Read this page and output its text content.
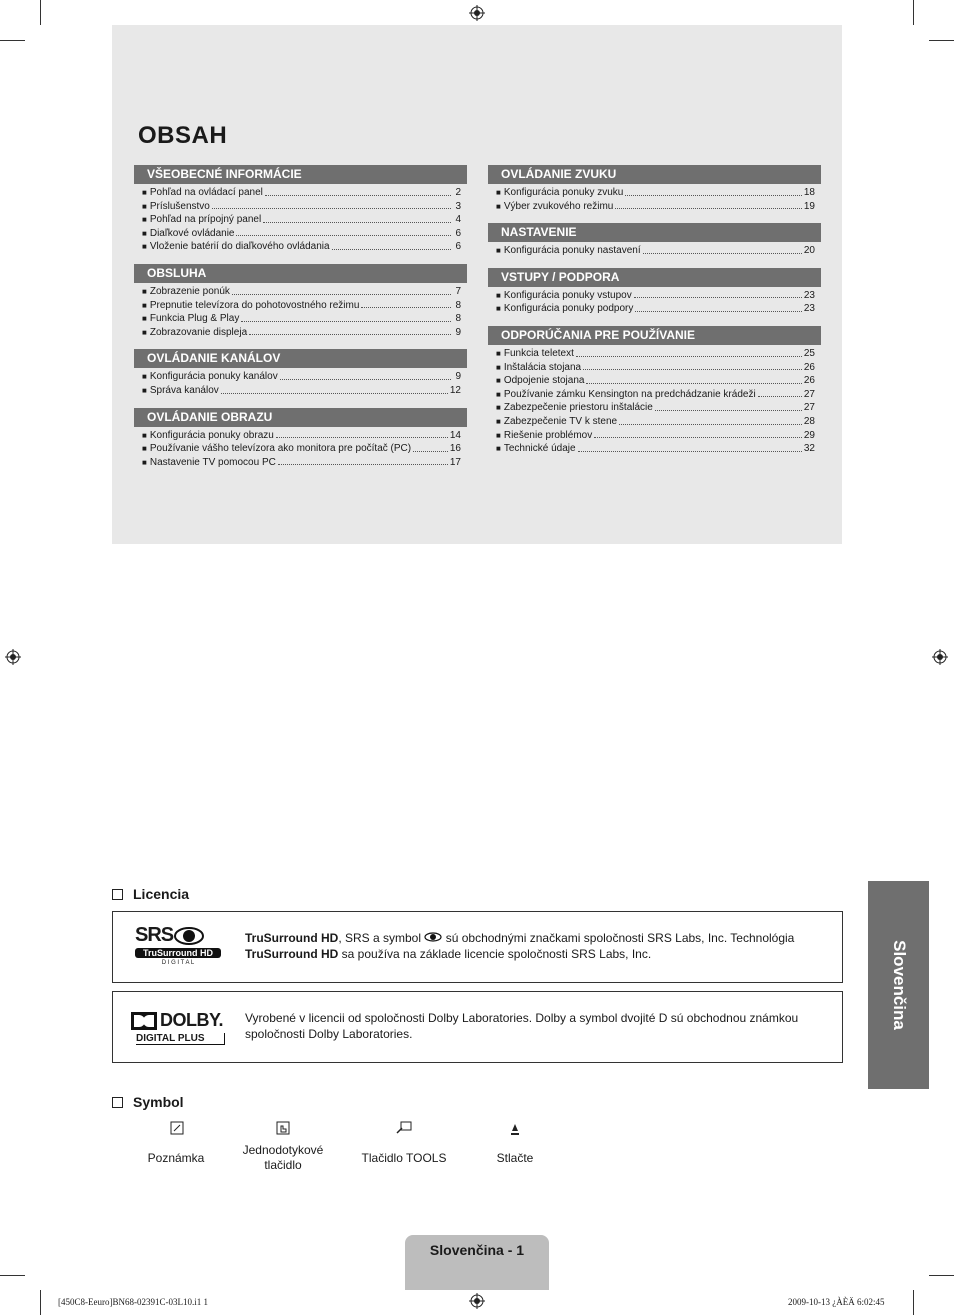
OBSAH
VŠEOBECNÉ INFORMÁCIE
■ Pohľad na ovládací panel	2
■ Príslušenstvo	3
■ Pohľad na prípojný panel	4
■ Diaľkové ovládanie	6
■ Vloženie batérií do diaľkového ovládania	6
OBSLUHA
■ Zobrazenie ponúk	7
■ Prepnutie televízora do pohotovostného režimu	8
■ Funkcia Plug & Play	8
■ Zobrazovanie displeja	9
OVLÁDANIE KANÁLOV
■ Konfigurácia ponuky kanálov	9
■ Správa kanálov	12
OVLÁDANIE OBRAZU
■ Konfigurácia ponuky obrazu	14
■ Používanie vášho televízora ako monitora pre počítač (PC)	16
■ Nastavenie TV pomocou PC	17
OVLÁDANIE ZVUKU
■ Konfigurácia ponuky zvuku	18
■ Výber zvukového režimu	19
NASTAVENIE
■ Konfigurácia ponuky nastavení	20
VSTUPY / PODPORA
■ Konfigurácia ponuky vstupov	23
■ Konfigurácia ponuky podpory	23
ODPORÚČANIA PRE POUŽÍVANIE
■ Funkcia teletext	25
■ Inštalácia stojana	26
■ Odpojenie stojana	26
■ Používanie zámku Kensington na predchádzanie krádeži	27
■ Zabezpečenie priestoru inštalácie	27
■ Zabezpečenie TV k stene	28
■ Riešenie problémov	29
■ Technické údaje	32
Slovenčina
Licencia
SRS
TruSurround HD
D I G I T A L
TruSurround HD, SRS a symbol  sú obchodnými značkami spoločnosti SRS Labs, Inc. Technológia
TruSurround HD sa používa na základe licencie spoločnosti SRS Labs, Inc.
DOLBY.
DIGITAL PLUS
Vyrobené v licencii od spoločnosti Dolby Laboratories. Dolby a symbol dvojité D sú obchodnou známkou spoločnosti Dolby Laboratories.
Symbol
Poznámka
Jednodotykové tlačidlo	Tlačidlo TOOLS	Stlačte
Slovenčina - 1
[450C8-Eeuro]BN68-02391C-03L10.i1 1	2009-10-13 ¿ÀÈÄ 6:02:45
